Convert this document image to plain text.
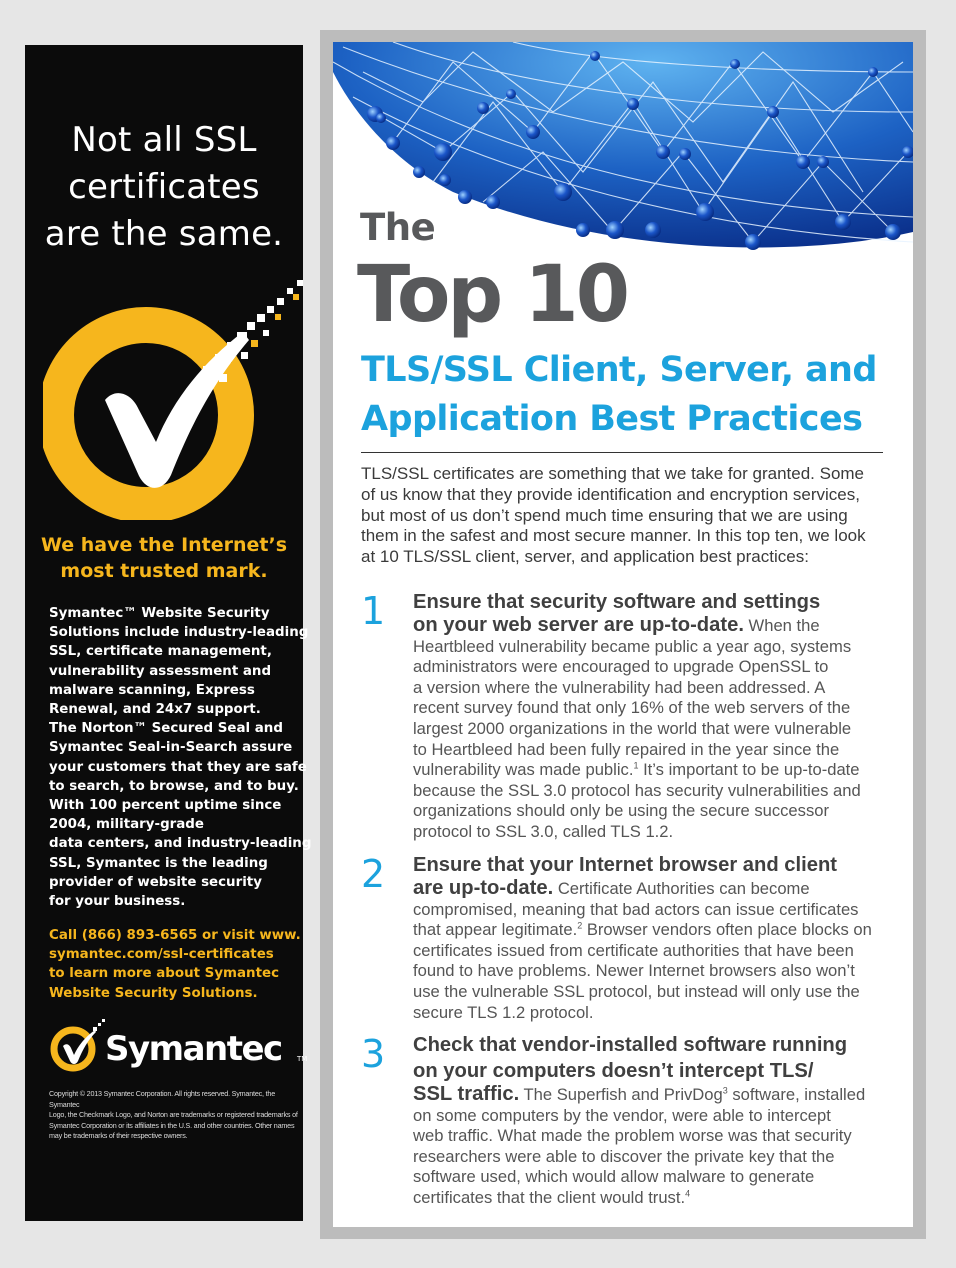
Not all SSL
certificates
are the same.
We have the Internet’s
most trusted mark.
Symantec™ Website Security
Solutions include industry-leading
SSL, certificate management,
vulnerability assessment and
malware scanning, Express
Renewal, and 24x7 support.
The Norton™ Secured Seal and
Symantec Seal-in-Search assure
your customers that they are safe
to search, to browse, and to buy.
With 100 percent uptime since
2004, military-grade
data centers, and industry-leading
SSL, Symantec is the leading
provider of website security
for your business.
Call (866) 893-6565 or visit www.
symantec.com/ssl-certificates
to learn more about Symantec
Website Security Solutions.
Symantec TM
Copyright © 2013 Symantec Corporation. All rights reserved. Symantec, the Symantec
Logo, the Checkmark Logo, and Norton are trademarks or registered trademarks of
Symantec Corporation or its affiliates in the U.S. and other countries. Other names
may be trademarks of their respective owners.
The
Top 10
TLS/SSL Client, Server, and
Application Best Practices
TLS/SSL certificates are something that we take for granted. Some
of us know that they provide identification and encryption services,
but most of us don’t spend much time ensuring that we are using
them in the safest and most secure manner. In this top ten, we look
at 10 TLS/SSL client, server, and application best practices:
1 Ensure that security software and settings
on your web server are up-to-date. When the
Heartbleed vulnerability became public a year ago, systems
administrators were encouraged to upgrade OpenSSL to
a version where the vulnerability had been addressed. A
recent survey found that only 16% of the web servers of the
largest 2000 organizations in the world that were vulnerable
to Heartbleed had been fully repaired in the year since the
vulnerability was made public.$^1$ It’s important to be up-to-date
because the SSL 3.0 protocol has security vulnerabilities and
organizations should only be using the secure successor
protocol to SSL 3.0, called TLS 1.2.
2 Ensure that your Internet browser and client
are up-to-date. Certificate Authorities can become
compromised, meaning that bad actors can issue certificates
that appear legitimate.$^2$ Browser vendors often place blocks on
certificates issued from certificate authorities that have been
found to have problems. Newer Internet browsers also won’t
use the vulnerable SSL protocol, but instead will only use the
secure TLS 1.2 protocol.
3 Check that vendor-installed software running
on your computers doesn’t intercept TLS/
SSL traffic. The Superfish and PrivDog$^3$ software, installed
on some computers by the vendor, were able to intercept
web traffic. What made the problem worse was that security
researchers were able to discover the private key that the
software used, which would allow malware to generate
certificates that the client would trust.$^4$
